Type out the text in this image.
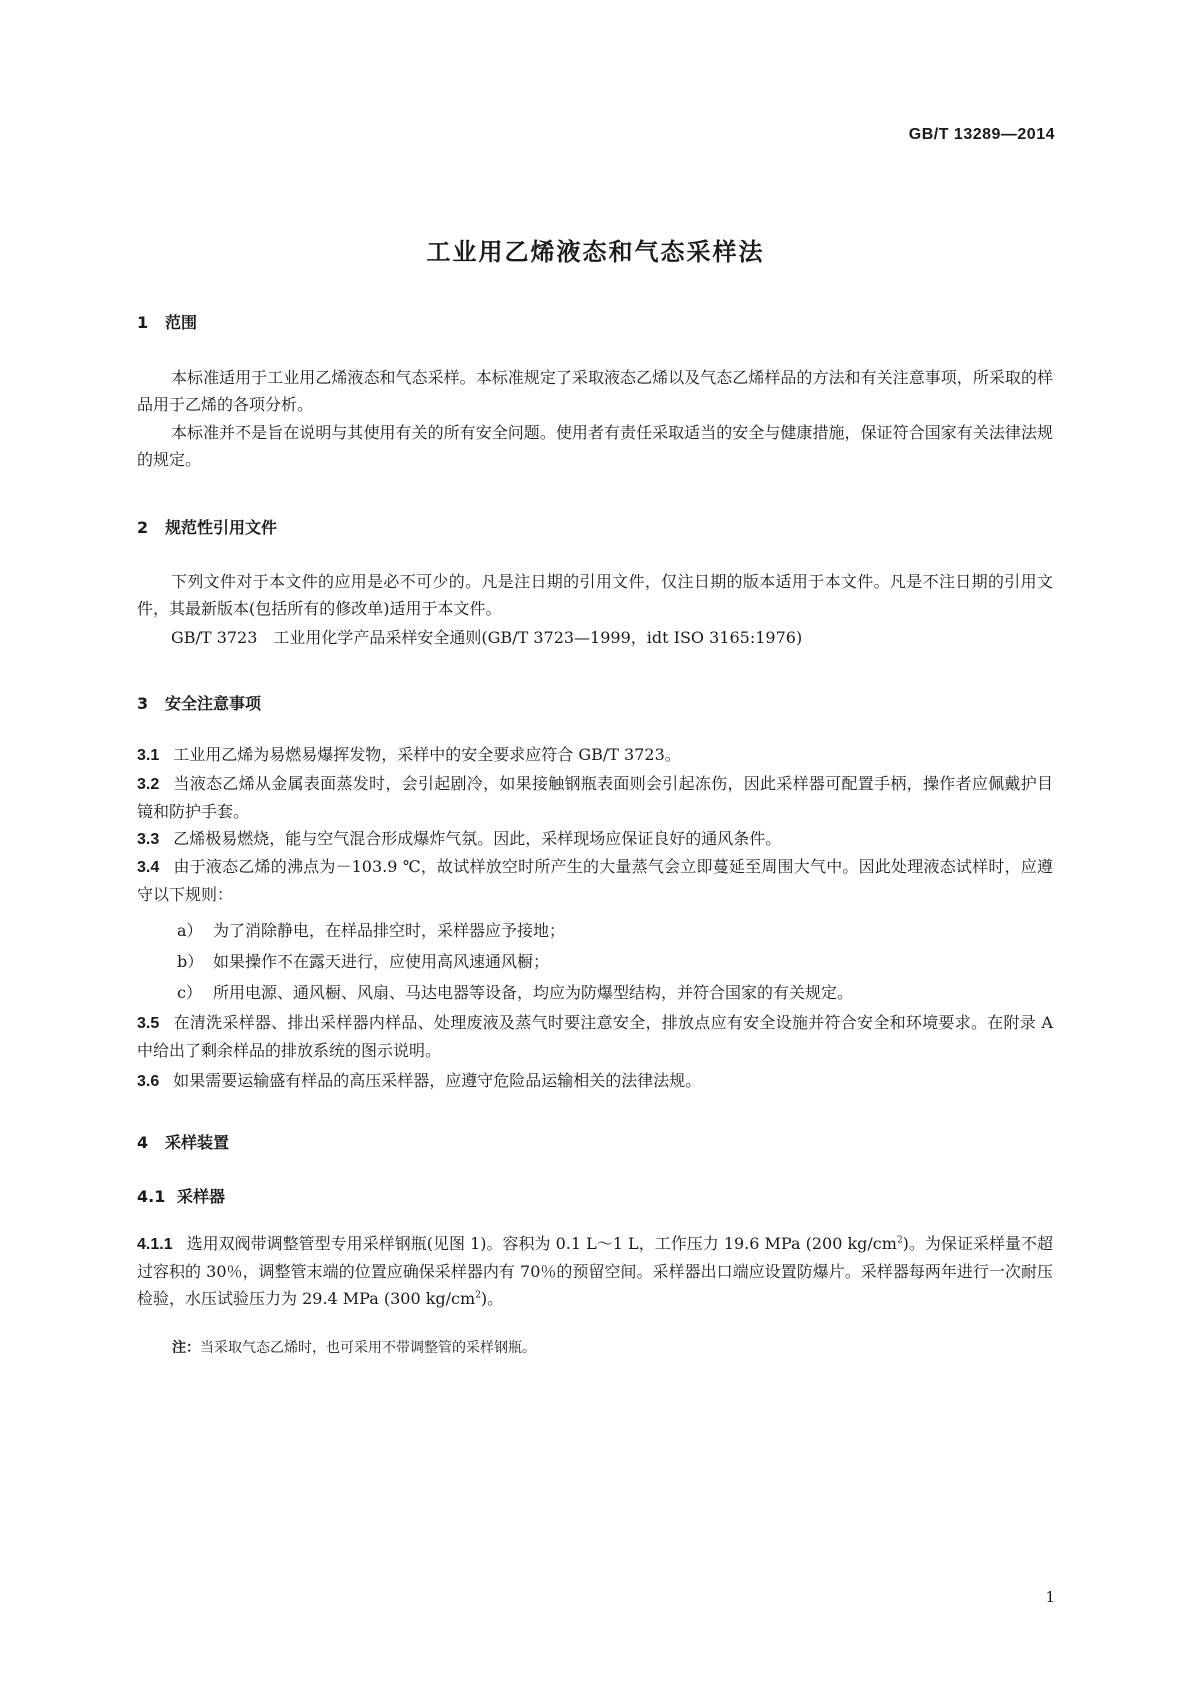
GB/T 13289—2014
工业用乙烯液态和气态采样法
1 范围
本标准适用于工业用乙烯液态和气态采样。本标准规定了采取液态乙烯以及气态乙烯样品的方法和有关注意事项，所采取的样品用于乙烯的各项分析。
本标准并不是旨在说明与其使用有关的所有安全问题。使用者有责任采取适当的安全与健康措施，保证符合国家有关法律法规的规定。
2 规范性引用文件
下列文件对于本文件的应用是必不可少的。凡是注日期的引用文件，仅注日期的版本适用于本文件。凡是不注日期的引用文件，其最新版本(包括所有的修改单)适用于本文件。
GB/T 3723　工业用化学产品采样安全通则(GB/T 3723—1999，idt ISO 3165:1976)
3 安全注意事项
3.1 工业用乙烯为易燃易爆挥发物，采样中的安全要求应符合 GB/T 3723。
3.2 当液态乙烯从金属表面蒸发时，会引起剧冷，如果接触钢瓶表面则会引起冻伤，因此采样器可配置手柄，操作者应佩戴护目镜和防护手套。
3.3 乙烯极易燃烧，能与空气混合形成爆炸气氛。因此，采样现场应保证良好的通风条件。
3.4 由于液态乙烯的沸点为－103.9 ℃，故试样放空时所产生的大量蒸气会立即蔓延至周围大气中。因此处理液态试样时，应遵守以下规则：
a） 为了消除静电，在样品排空时，采样器应予接地；
b） 如果操作不在露天进行，应使用高风速通风橱；
c） 所用电源、通风橱、风扇、马达电器等设备，均应为防爆型结构，并符合国家的有关规定。
3.5 在清洗采样器、排出采样器内样品、处理废液及蒸气时要注意安全，排放点应有安全设施并符合安全和环境要求。在附录 A 中给出了剩余样品的排放系统的图示说明。
3.6 如果需要运输盛有样品的高压采样器，应遵守危险品运输相关的法律法规。
4 采样装置
4.1 采样器
4.1.1 选用双阀带调整管型专用采样钢瓶(见图 1)。容积为 0.1 L～1 L，工作压力 19.6 MPa (200 $kg/cm^2$)。为保证采样量不超过容积的 30％，调整管末端的位置应确保采样器内有 70％的预留空间。采样器出口端应设置防爆片。采样器每两年进行一次耐压检验，水压试验压力为 29.4 MPa (300 $kg/cm^2$)。
注：当采取气态乙烯时，也可采用不带调整管的采样钢瓶。
1
